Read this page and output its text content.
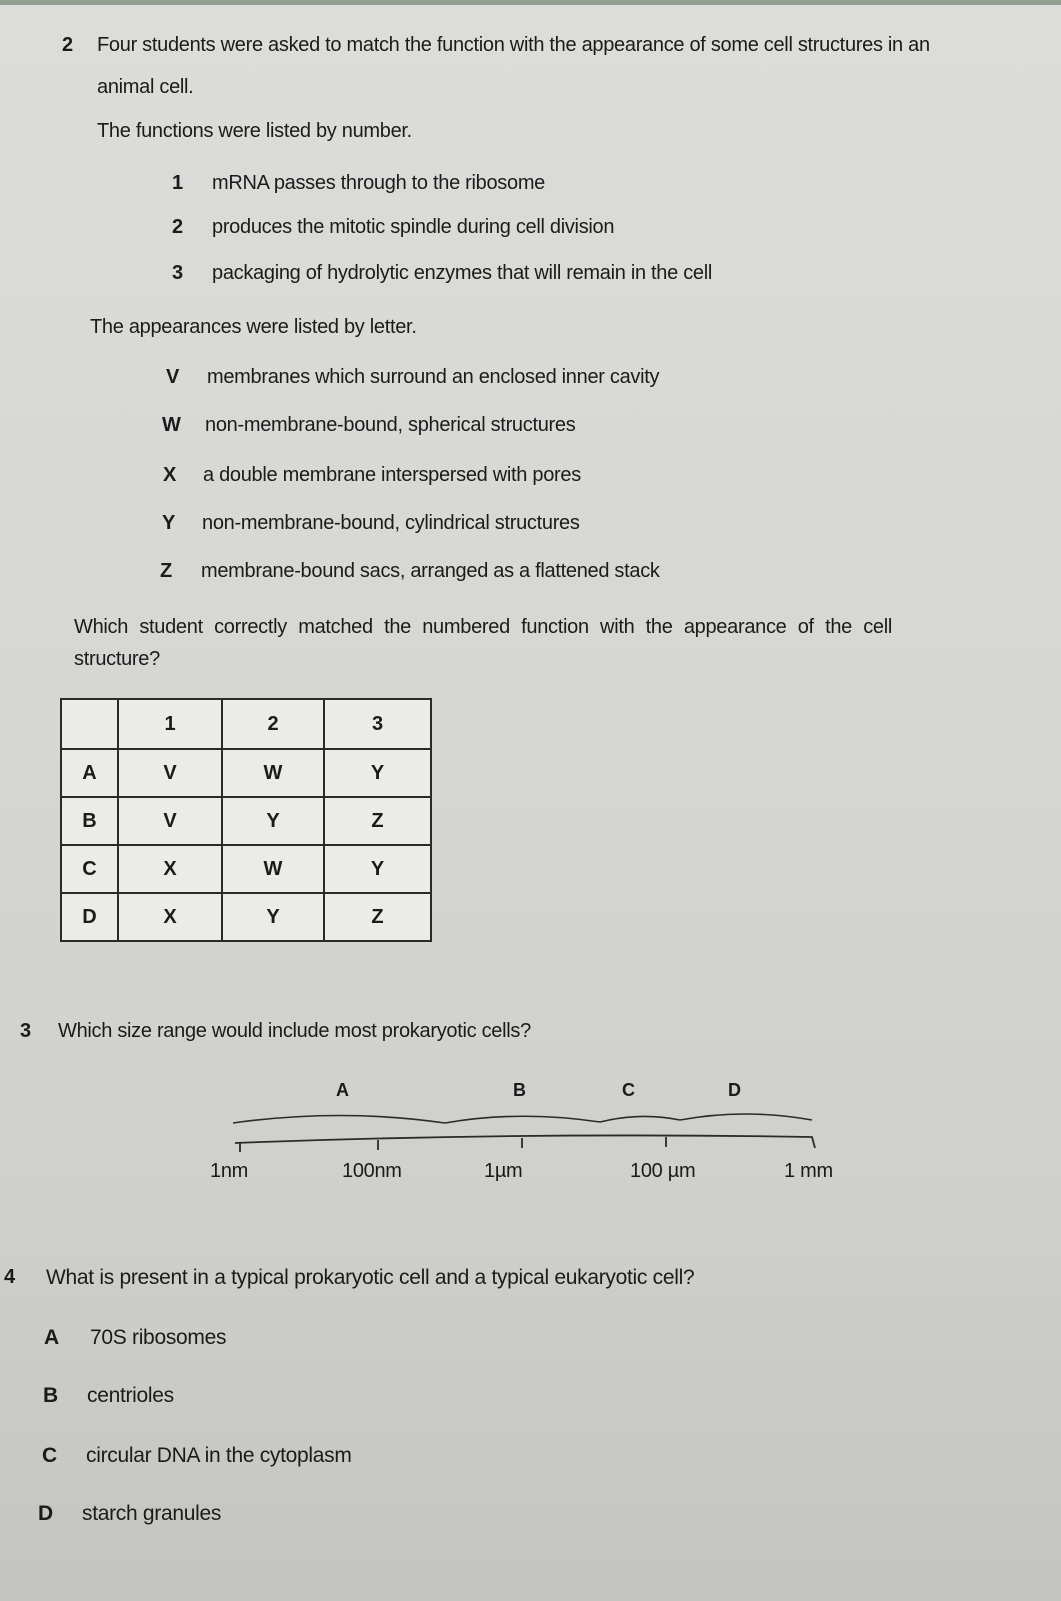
2 Four students were asked to match the function with the appearance of some cell structures in an
animal cell.
The functions were listed by number.
1 mRNA passes through to the ribosome
2 produces the mitotic spindle during cell division
3 packaging of hydrolytic enzymes that will remain in the cell
The appearances were listed by letter.
V membranes which surround an enclosed inner cavity
W non-membrane-bound, spherical structures
X a double membrane interspersed with pores
Y non-membrane-bound, cylindrical structures
Z membrane-bound sacs, arranged as a flattened stack
Which student correctly matched the numbered function with the appearance of the cell
structure?
	1	2	3
A	V	W	Y
B	V	Y	Z
C	X	W	Y
D	X	Y	Z
3 Which size range would include most prokaryotic cells?
A	B	C	D
1nm	100nm	1µm	100 µm	1 mm
4 What is present in a typical prokaryotic cell and a typical eukaryotic cell?
A 70S ribosomes
B centrioles
C circular DNA in the cytoplasm
D starch granules
